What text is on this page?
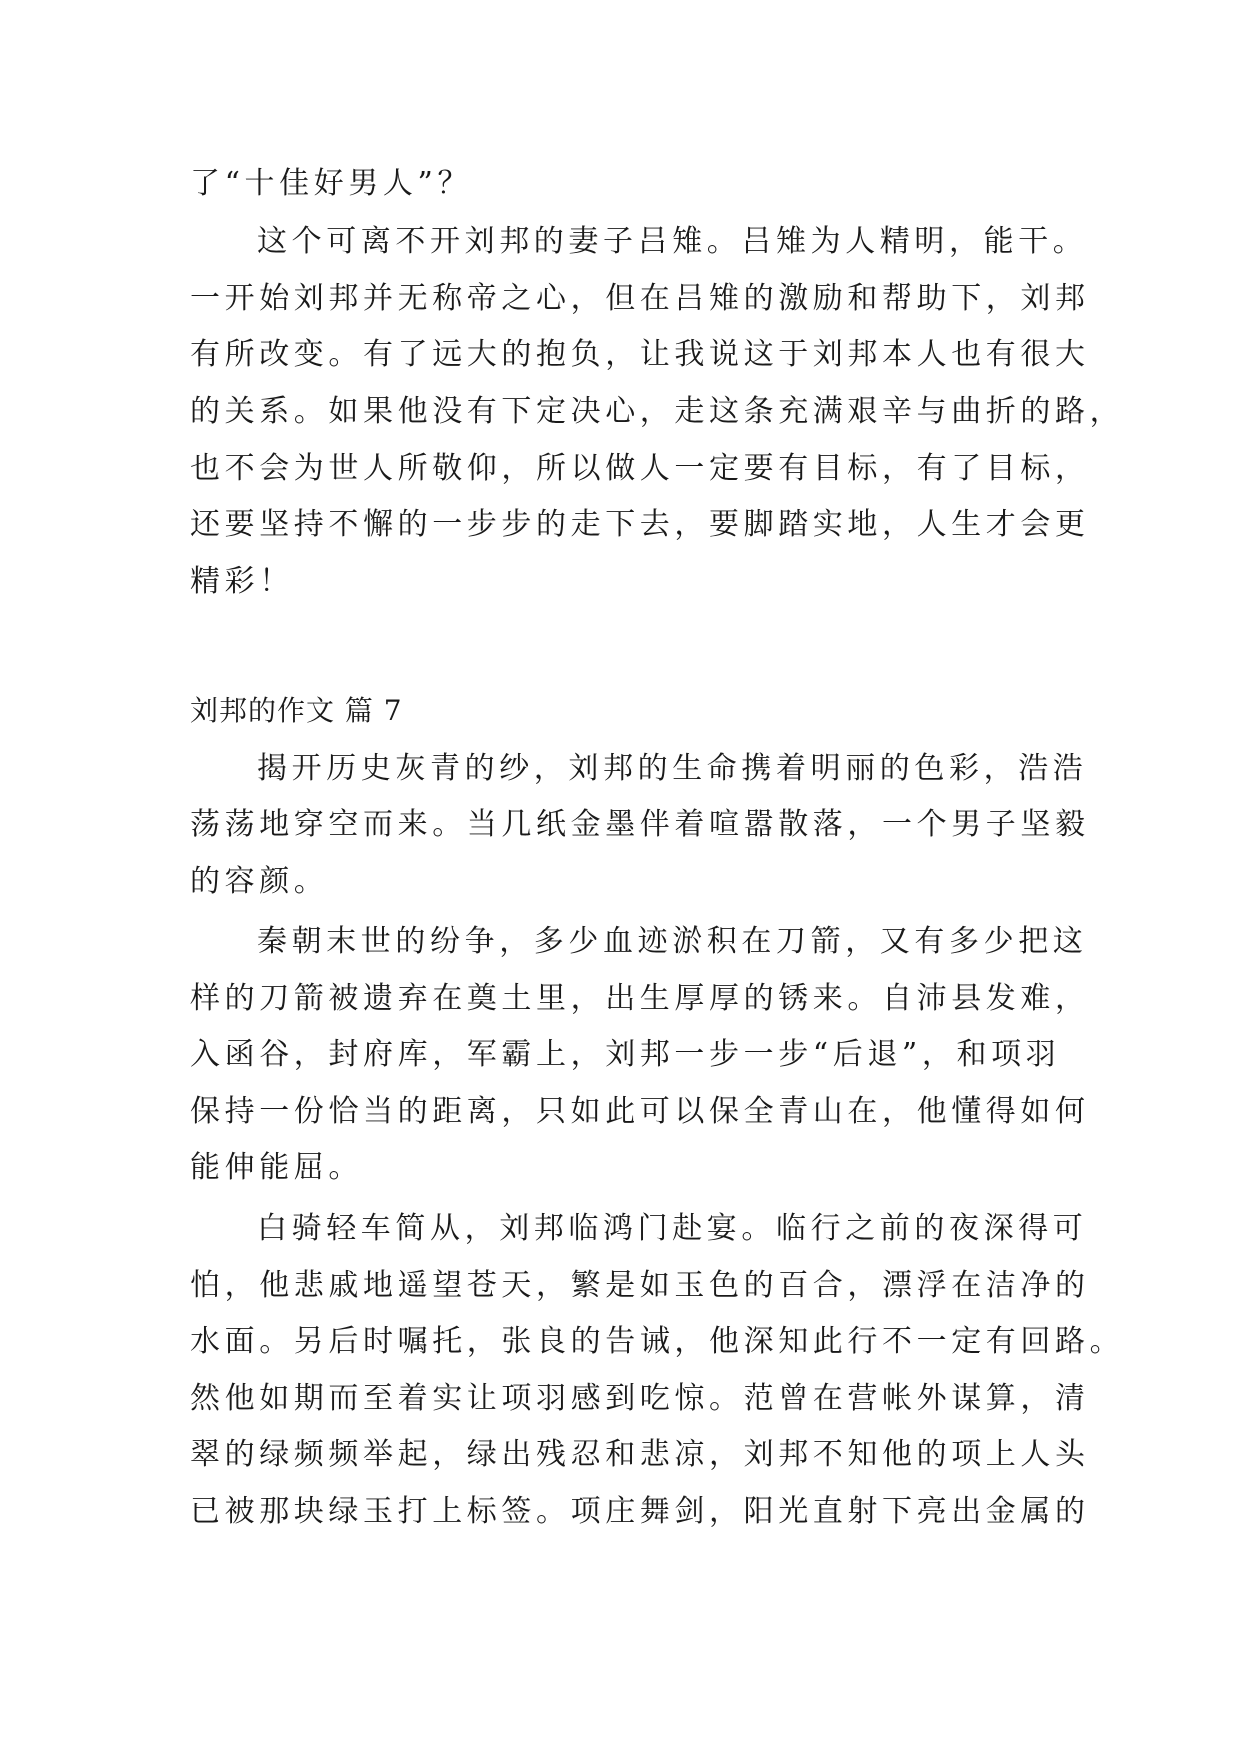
了“十佳好男人”？
这个可离不开刘邦的妻子吕雉。吕雉为人精明，能干。
一开始刘邦并无称帝之心，但在吕雉的激励和帮助下，刘邦
有所改变。有了远大的抱负，让我说这于刘邦本人也有很大
的关系。如果他没有下定决心，走这条充满艰辛与曲折的路，
也不会为世人所敬仰，所以做人一定要有目标，有了目标，
还要坚持不懈的一步步的走下去，要脚踏实地，人生才会更
精彩！
刘邦的作文 篇 7
揭开历史灰青的纱，刘邦的生命携着明丽的色彩，浩浩
荡荡地穿空而来。当几纸金墨伴着喧嚣散落，一个男子坚毅
的容颜。
秦朝末世的纷争，多少血迹淤积在刀箭，又有多少把这
样的刀箭被遗弃在奠土里，出生厚厚的锈来。自沛县发难，
入函谷，封府库，军霸上，刘邦一步一步“后退”，和项羽
保持一份恰当的距离，只如此可以保全青山在，他懂得如何
能伸能屈。
白骑轻车简从，刘邦临鸿门赴宴。临行之前的夜深得可
怕，他悲戚地遥望苍天，繁是如玉色的百合，漂浮在洁净的
水面。另后时嘱托，张良的告诫，他深知此行不一定有回路。
然他如期而至着实让项羽感到吃惊。范曾在营帐外谋算，清
翠的绿频频举起，绿出残忍和悲凉，刘邦不知他的项上人头
已被那块绿玉打上标签。项庄舞剑，阳光直射下亮出金属的
